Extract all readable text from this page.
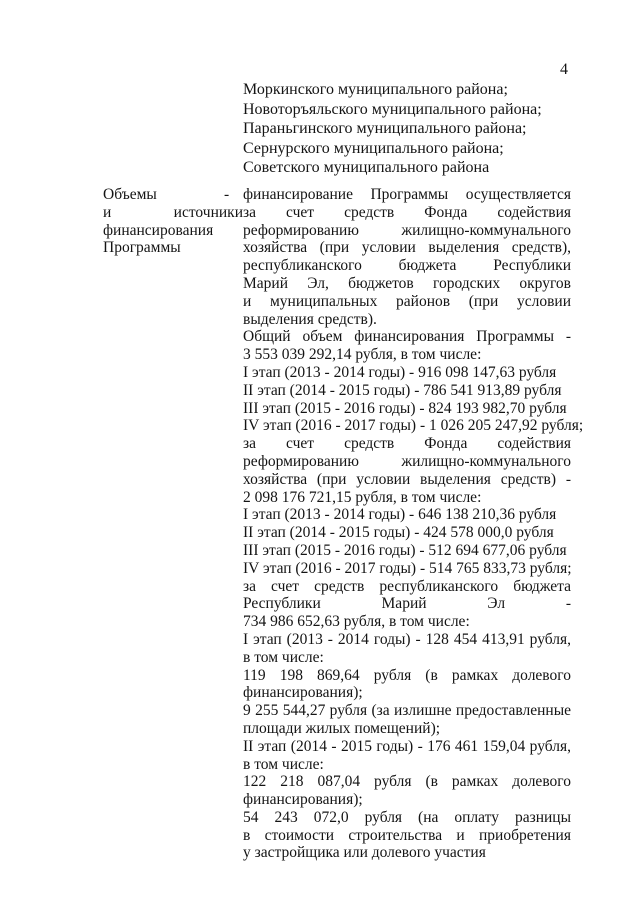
4
Моркинского муниципального района;
Новоторъяльского муниципального района;
Параньгинского муниципального района;
Сернурского муниципального района;
Советского муниципального района
Объемы
и источники
финансирования
Программы
- финансирование Программы осуществляется
за счет средств Фонда содействия
реформированию жилищно-коммунального
хозяйства (при условии выделения средств),
республиканского бюджета Республики
Марий Эл, бюджетов городских округов
и муниципальных районов (при условии
выделения средств).
Общий объем финансирования Программы -
3 553 039 292,14 рубля, в том числе:
I этап (2013 - 2014 годы) - 916 098 147,63 рубля
II этап (2014 - 2015 годы) - 786 541 913,89 рубля
III этап (2015 - 2016 годы) - 824 193 982,70 рубля
IV этап (2016 - 2017 годы) - 1 026 205 247,92 рубля;
за счет средств Фонда содействия
реформированию жилищно-коммунального
хозяйства (при условии выделения средств) -
2 098 176 721,15 рубля, в том числе:
I этап (2013 - 2014 годы) - 646 138 210,36 рубля
II этап (2014 - 2015 годы) - 424 578 000,0 рубля
III этап (2015 - 2016 годы) - 512 694 677,06 рубля
IV этап (2016 - 2017 годы) - 514 765 833,73 рубля;
за счет средств республиканского бюджета
Республики Марий Эл -
734 986 652,63 рубля, в том числе:
I этап (2013 - 2014 годы) - 128 454 413,91 рубля,
в том числе:
119 198 869,64 рубля (в рамках долевого
финансирования);
9 255 544,27 рубля (за излишне предоставленные
площади жилых помещений);
II этап (2014 - 2015 годы) - 176 461 159,04 рубля,
в том числе:
122 218 087,04 рубля (в рамках долевого
финансирования);
54 243 072,0 рубля (на оплату разницы
в стоимости строительства и приобретения
у застройщика или долевого участия
